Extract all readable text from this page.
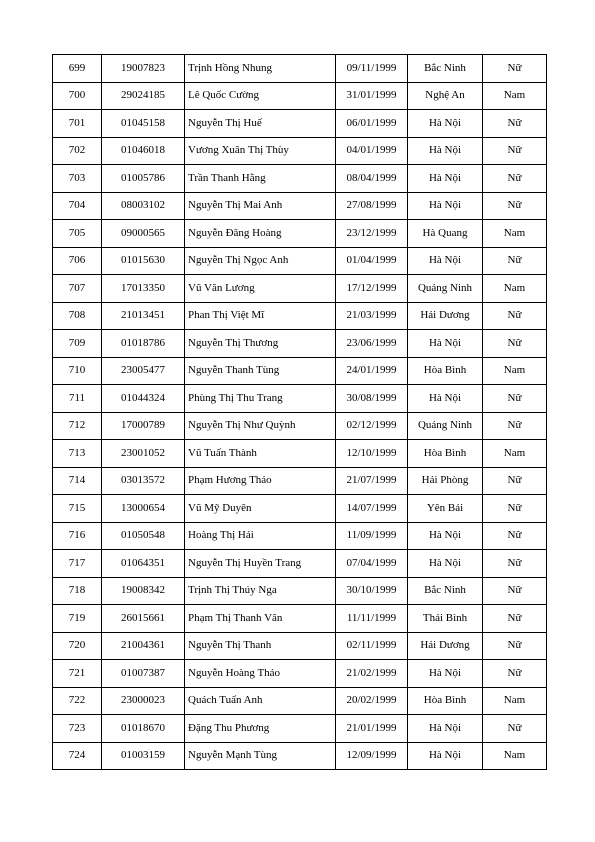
699	19007823	Trịnh Hồng Nhung	09/11/1999	Bắc Ninh	Nữ
700	29024185	Lê Quốc Cường	31/01/1999	Nghệ An	Nam
701	01045158	Nguyễn Thị Huế	06/01/1999	Hà Nội	Nữ
702	01046018	Vương Xuân Thị Thùy	04/01/1999	Hà Nội	Nữ
703	01005786	Trần Thanh Hằng	08/04/1999	Hà Nội	Nữ
704	08003102	Nguyễn Thị Mai Anh	27/08/1999	Hà Nội	Nữ
705	09000565	Nguyễn Đăng Hoàng	23/12/1999	Hà Quang	Nam
706	01015630	Nguyễn Thị Ngọc Anh	01/04/1999	Hà Nội	Nữ
707	17013350	Vũ Văn Lương	17/12/1999	Quảng Ninh	Nam
708	21013451	Phan Thị Việt Mĩ	21/03/1999	Hải Dương	Nữ
709	01018786	Nguyễn Thị Thương	23/06/1999	Hà Nội	Nữ
710	23005477	Nguyễn Thanh Tùng	24/01/1999	Hòa Bình	Nam
711	01044324	Phùng Thị Thu Trang	30/08/1999	Hà Nội	Nữ
712	17000789	Nguyễn Thị Như Quỳnh	02/12/1999	Quảng Ninh	Nữ
713	23001052	Vũ Tuấn Thành	12/10/1999	Hòa Bình	Nam
714	03013572	Phạm Hương Thảo	21/07/1999	Hải Phòng	Nữ
715	13000654	Vũ Mỹ Duyên	14/07/1999	Yên Bái	Nữ
716	01050548	Hoàng Thị Hải	11/09/1999	Hà Nội	Nữ
717	01064351	Nguyễn Thị Huyền Trang	07/04/1999	Hà Nội	Nữ
718	19008342	Trịnh Thị Thúy Nga	30/10/1999	Bắc Ninh	Nữ
719	26015661	Phạm Thị Thanh Vân	11/11/1999	Thái Bình	Nữ
720	21004361	Nguyễn Thị Thanh	02/11/1999	Hải Dương	Nữ
721	01007387	Nguyễn Hoàng Thảo	21/02/1999	Hà Nội	Nữ
722	23000023	Quách Tuấn Anh	20/02/1999	Hòa Bình	Nam
723	01018670	Đặng Thu Phương	21/01/1999	Hà Nội	Nữ
724	01003159	Nguyễn Mạnh Tùng	12/09/1999	Hà Nội	Nam
